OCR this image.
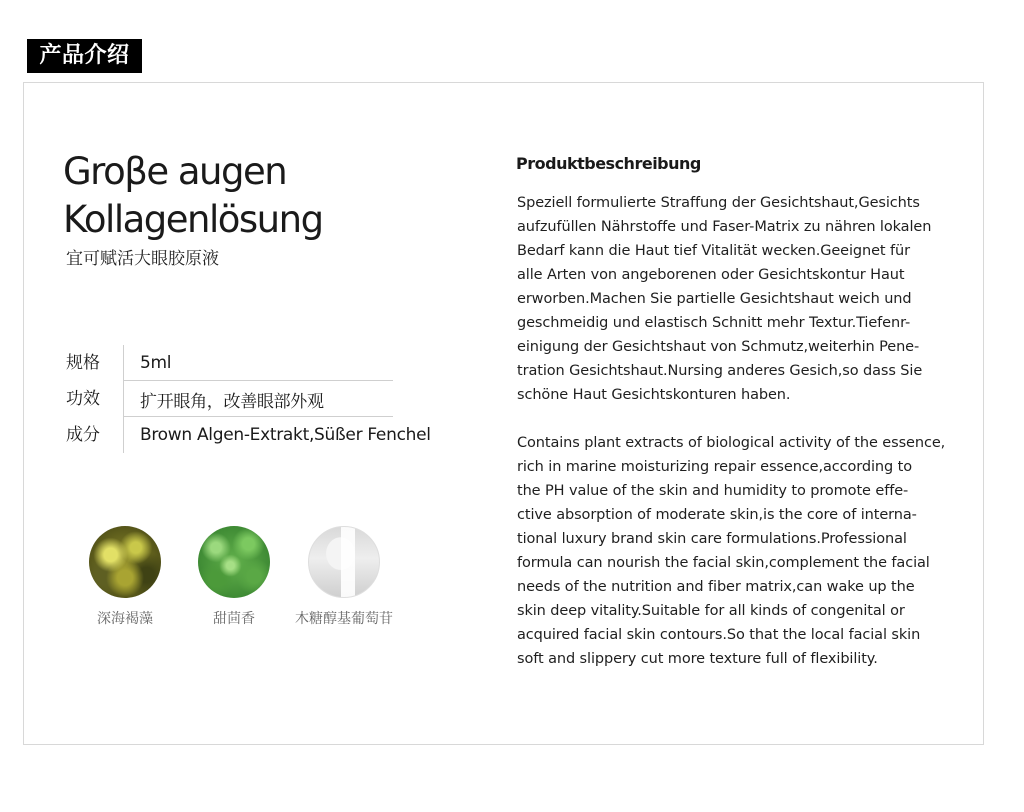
产品介绍
Groβe augen
Kollagenlösung
宜可赋活大眼胶原液
规格	5ml
功效	扩开眼角，改善眼部外观
成分	Brown Algen-Extrakt,Süßer Fenchel
深海褐藻	甜茴香	木糖醇基葡萄苷
Produktbeschreibung

Speziell formulierte Straffung der Gesichtshaut,Gesichts
aufzufüllen Nährstoffe und Faser-Matrix zu nähren lokalen
Bedarf kann die Haut tief Vitalität wecken.Geeignet für
alle Arten von angeborenen oder Gesichtskontur Haut
erworben.Machen Sie partielle Gesichtshaut weich und
geschmeidig und elastisch Schnitt mehr Textur.Tiefenr-
einigung der Gesichtshaut von Schmutz,weiterhin Pene-
tration Gesichtshaut.Nursing anderes Gesich,so dass Sie
schöne Haut Gesichtskonturen haben.

Contains plant extracts of biological activity of the essence,
rich in marine moisturizing repair essence,according to
the PH value of the skin and humidity to promote effe-
ctive absorption of moderate skin,is the core of interna-
tional luxury brand skin care formulations.Professional
formula can nourish the facial skin,complement the facial
needs of the nutrition and fiber matrix,can wake up the
skin deep vitality.Suitable for all kinds of congenital or
acquired facial skin contours.So that the local facial skin
soft and slippery cut more texture full of flexibility.
